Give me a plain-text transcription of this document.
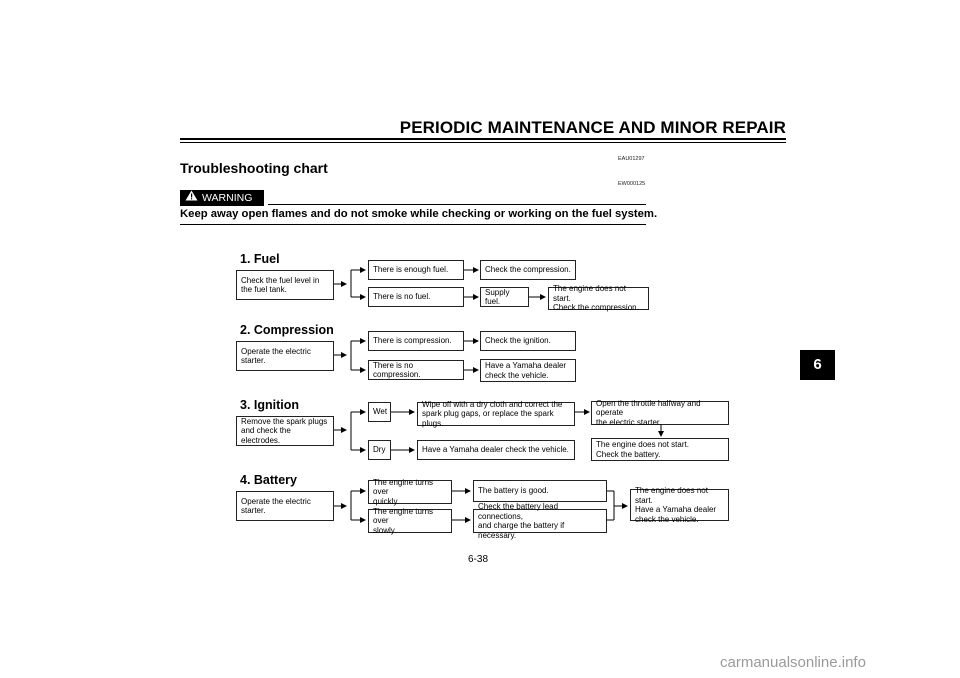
PERIODIC MAINTENANCE AND MINOR REPAIR
6
EAU01297
Troubleshooting chart
EW000125
WARNING
Keep away open flames and do not smoke while checking or working on the fuel system.
1. Fuel
Check the fuel level in
the fuel tank.
There is enough fuel.
There is no fuel.
Check the compression.
Supply fuel.
The engine does not start.
Check the compression.
2. Compression
Operate the electric starter.
There is compression.
There is no compression.
Check the ignition.
Have a Yamaha dealer
check the vehicle.
3. Ignition
Remove the spark plugs
and check the electrodes.
Wet
Dry
Wipe off with a dry cloth and correct the
spark plug gaps, or replace the spark plugs.
Have a Yamaha dealer check the vehicle.
Open the throttle halfway and operate
the electric starter.
The engine does not start.
Check the battery.
4. Battery
Operate the electric starter.
The engine turns over
quickly.
The engine turns over
slowly.
The battery is good.
Check the battery lead connections,
and charge the battery if necessary.
The engine does not start.
Have a Yamaha dealer
check the vehicle.
6-38
carmanualsonline.info
